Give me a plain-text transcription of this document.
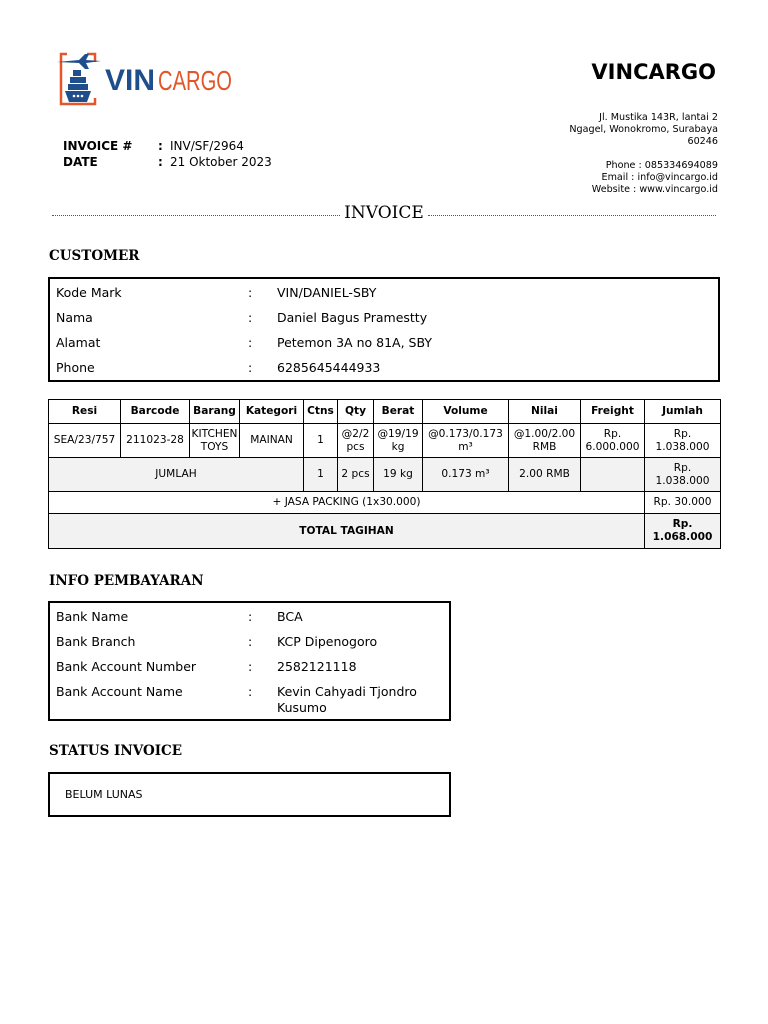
VIN CARGO	VINCARGO
Jl. Mustika 143R, lantai 2
Ngagel, Wonokromo, Surabaya
60246
Phone : 085334694089
Email : info@vincargo.id
Website : www.vincargo.id
INVOICE #	: INV/SF/2964
DATE	: 21 Oktober 2023
INVOICE
CUSTOMER
Kode Mark	:	VIN/DANIEL-SBY
Nama	:	Daniel Bagus Pramestty
Alamat	:	Petemon 3A no 81A, SBY
Phone	:	6285645444933
Resi	Barcode	Barang	Kategori	Ctns	Qty	Berat	Volume	Nilai	Freight	Jumlah
SEA/23/757	211023-28	KITCHEN TOYS	MAINAN	1	@2/2 pcs	@19/19 kg	@0.173/0.173 m³	@1.00/2.00 RMB	Rp. 6.000.000	Rp. 1.038.000
JUMLAH				1	2 pcs	19 kg	0.173 m³	2.00 RMB		Rp. 1.038.000
+ JASA PACKING (1x30.000)										Rp. 30.000
TOTAL TAGIHAN										Rp. 1.068.000
INFO PEMBAYARAN
Bank Name	:	BCA
Bank Branch	:	KCP Dipenogoro
Bank Account Number	:	2582121118
Bank Account Name	:	Kevin Cahyadi Tjondro Kusumo
STATUS INVOICE
BELUM LUNAS
